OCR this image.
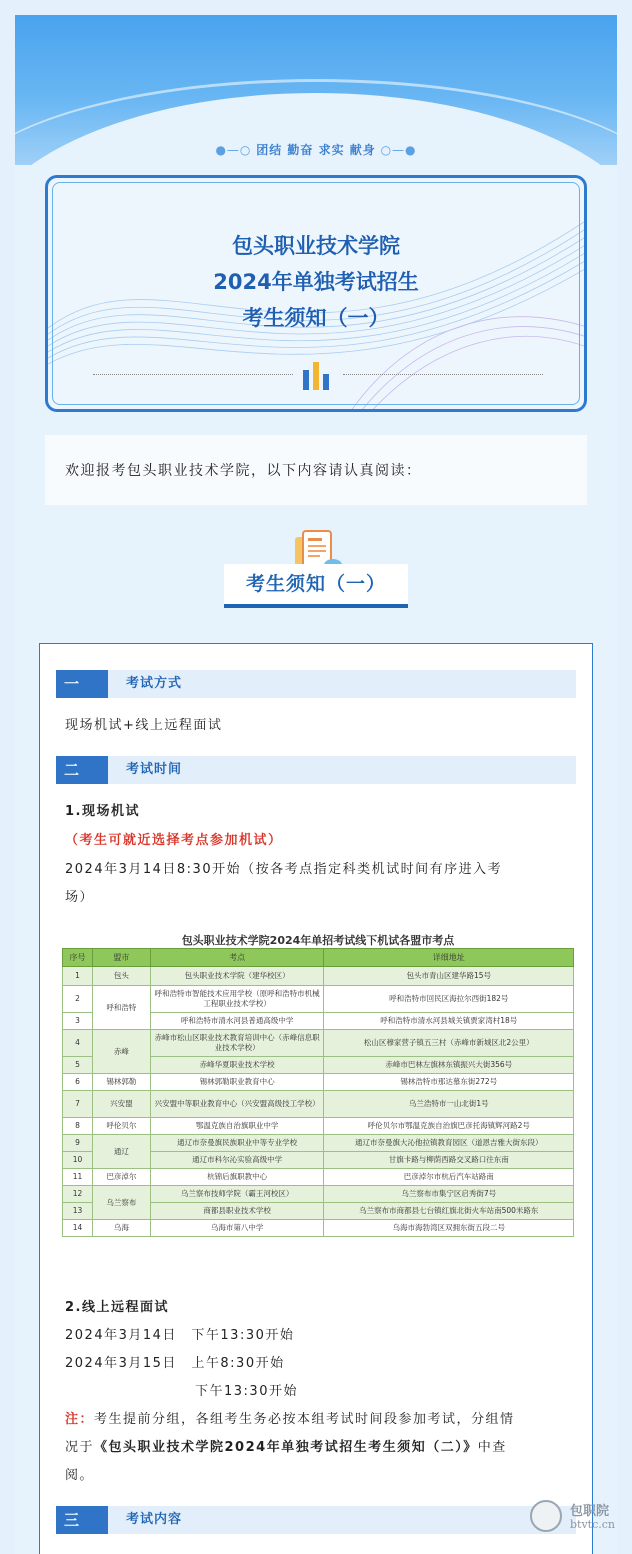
●—○ 团结 勤奋 求实 献身 ○—●
包头职业技术学院
2024年单独考试招生
考生须知（一）
欢迎报考包头职业技术学院，以下内容请认真阅读：
考生须知（一）
一	考试方式
现场机试+线上远程面试
二	考试时间
1.现场机试
（考生可就近选择考点参加机试）
2024年3月14日8:30开始（按各考点指定科类机试时间有序进入考
场）
包头职业技术学院2024年单招考试线下机试各盟市考点
序号	盟市	考点	详细地址
1	包头	包头职业技术学院（建华校区）	包头市青山区建华路15号
2	呼和浩特	呼和浩特市智能技术应用学校（原呼和浩特市机械工程职业技术学校）	呼和浩特市回民区海拉尔西街182号
3		呼和浩特市清水河县普通高级中学	呼和浩特市清水河县城关镇贾家湾村18号
4	赤峰	赤峰市松山区职业技术教育培训中心（赤峰信息职业技术学校）	松山区穆家营子镇五三村（赤峰市新城区北2公里）
5		赤峰华夏职业技术学校	赤峰市巴林左旗林东镇振兴大街356号
6	锡林郭勒	锡林郭勒职业教育中心	锡林浩特市那达慕东街272号
7	兴安盟	兴安盟中等职业教育中心（兴安盟高级技工学校）	乌兰浩特市一山北街1号
8	呼伦贝尔	鄂温克族自治旗职业中学	呼伦贝尔市鄂温克族自治旗巴彦托海镇辉河路2号
9	通辽	通辽市奈曼旗民族职业中等专业学校	通辽市奈曼旗大沁他拉镇教育园区（道恩吉雅大街东段）
10		通辽市科尔沁实验高级中学	甘旗卡路与柳荫西路交叉路口往东南
11	巴彦淖尔	杭锦后旗职教中心	巴彦淖尔市杭后汽车站路南
12	乌兰察布	乌兰察布技师学院（霸王河校区）	乌兰察布市集宁区启秀街7号
13		商都县职业技术学校	乌兰察布市商都县七台镇红旗北街火车站南500米路东
14	乌海	乌海市第八中学	乌海市海勃湾区双拥东街五段二号
2.线上远程面试
2024年3月14日　下午13:30开始
2024年3月15日　上午8:30开始
下午13:30开始
注：考生提前分组，各组考生务必按本组考试时间段参加考试，分组情
况于《包头职业技术学院2024年单独考试招生考生须知（二）》中查
阅。
三	考试内容
包职院
btvtc.cn
